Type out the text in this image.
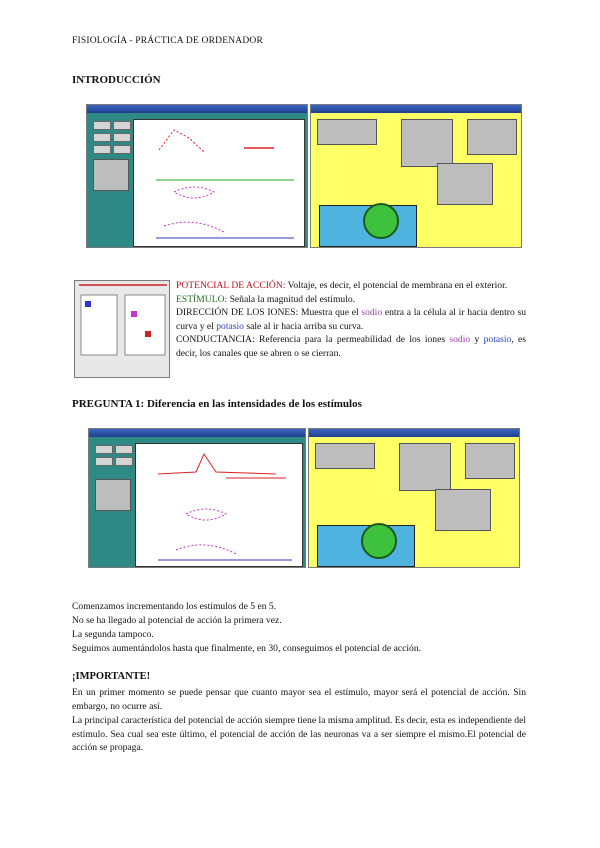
FISIOLOGÍA - PRÁCTICA DE ORDENADOR
INTRODUCCIÓN
POTENCIAL DE ACCIÓN: Voltaje, es decir, el potencial de membrana en el exterior.
ESTÍMULO: Señala la magnitud del estímulo.
DIRECCIÓN DE LOS IONES: Muestra que el sodio entra a la célula al ir hacia dentro su curva y el potasio sale al ir hacia arriba su curva.
CONDUCTANCIA: Referencia para la permeabilidad de los iones sodio y potasio, es decir, los canales que se abren o se cierran.
PREGUNTA 1: Diferencia en las intensidades de los estímulos
Comenzamos incrementando los estímulos de 5 en 5.
No se ha llegado al potencial de acción la primera vez.
La segunda tampoco.
Seguimos aumentándolos hasta que finalmente, en 30, conseguimos el potencial de acción.
¡IMPORTANTE!
En un primer momento se puede pensar que cuanto mayor sea el estímulo, mayor será el potencial de acción. Sin embargo, no ocurre así.
La principal característica del potencial de acción siempre tiene la misma amplitud. Es decir, esta es independiente del estímulo. Sea cual sea este último, el potencial de acción de las neuronas va a ser siempre el mismo.El potencial de acción se propaga.
